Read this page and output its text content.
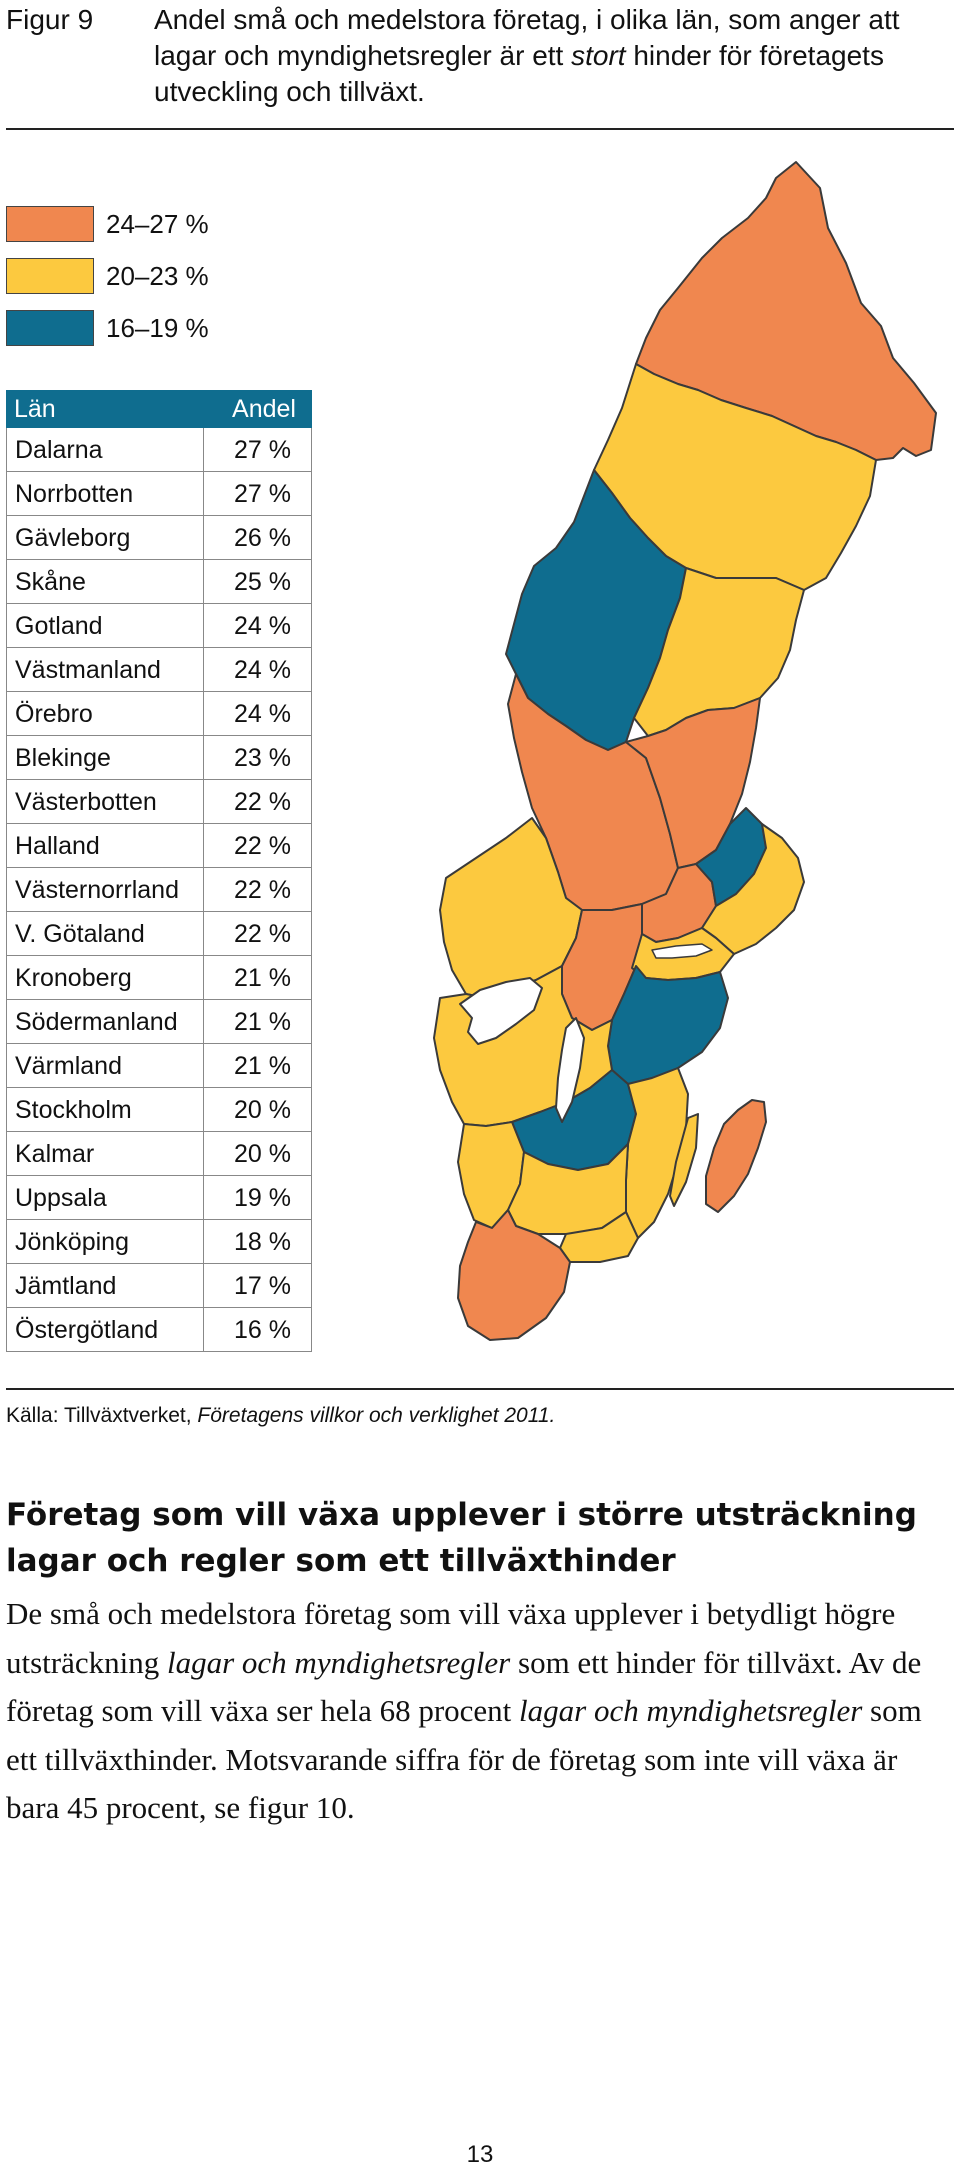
Figur 9 Andel små och medelstora företag, i olika län, som anger att lagar och myndighetsregler är ett stort hinder för företagets utveckling och tillväxt.
24–27 %
20–23 %
16–19 %
Län	Andel
Dalarna	27 %
Norrbotten	27 %
Gävleborg	26 %
Skåne	25 %
Gotland	24 %
Västmanland	24 %
Örebro	24 %
Blekinge	23 %
Västerbotten	22 %
Halland	22 %
Västernorrland 22 %
V. Götaland	22 %
Kronoberg	21 %
Södermanland 21 %
Värmland	21 %
Stockholm	20 %
Kalmar	20 %
Uppsala	19 %
Jönköping	18 %
Jämtland	17 %
Östergötland	16 %
Källa: Tillväxtverket, Företagens villkor och verklighet 2011.
Företag som vill växa upplever i större utsträckning lagar och regler som ett tillväxthinder
De små och medelstora företag som vill växa upplever i betydligt högre utsträckning lagar och myndighetsregler som ett hinder för tillväxt. Av de företag som vill växa ser hela 68 procent lagar och myndighetsregler som ett tillväxthinder. Motsvarande siffra för de företag som inte vill växa är bara 45 procent, se figur 10.
13
